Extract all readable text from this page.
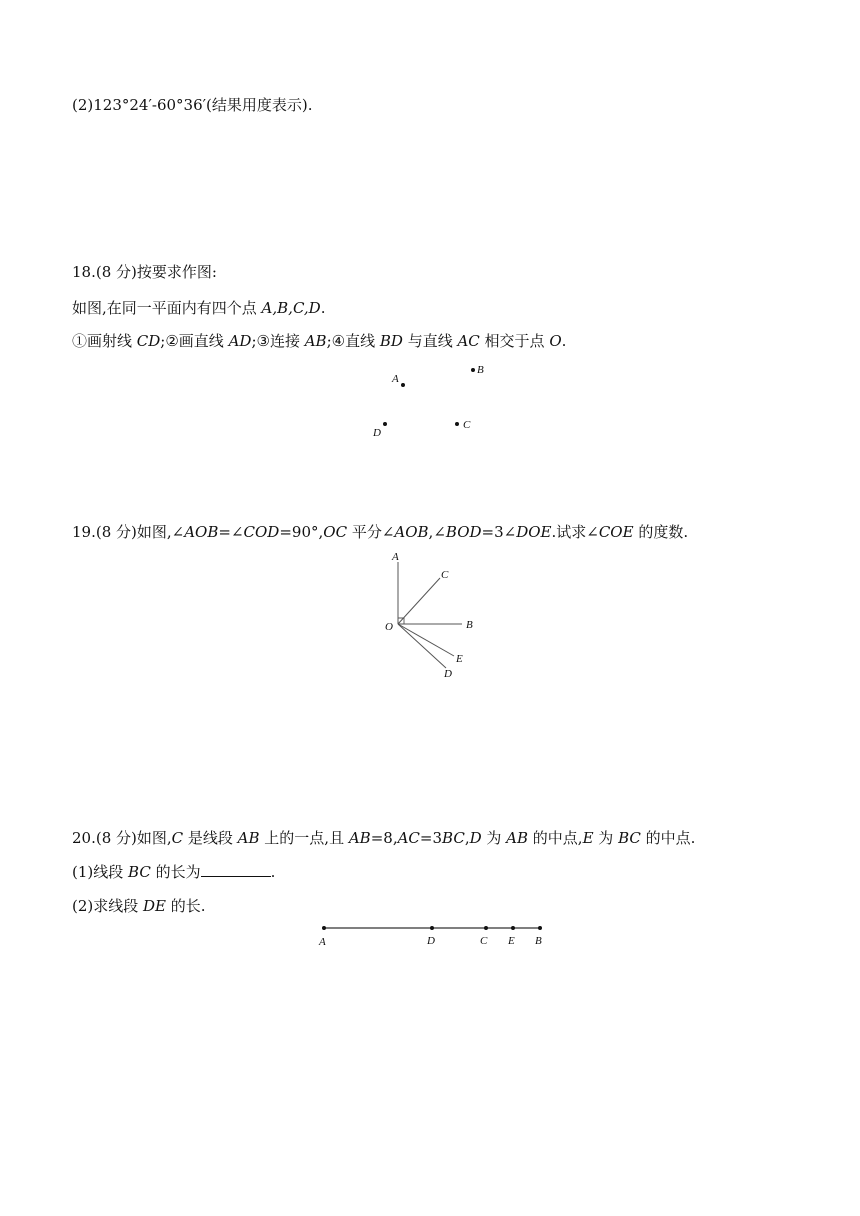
(2)123°24′-60°36′(结果用度表示).
18.(8 分)按要求作图:
如图,在同一平面内有四个点 A,B,C,D.
①画射线 CD;②画直线 AD;③连接 AB;④直线 BD 与直线 AC 相交于点 O.
A
B
C
D
19.(8 分)如图,∠AOB=∠COD=90°,OC 平分∠AOB,∠BOD=3∠DOE.试求∠COE 的度数.
A
C
O	B
E
D
20.(8 分)如图,C 是线段 AB 上的一点,且 AB=8,AC=3BC,D 为 AB 的中点,E 为 BC 的中点.
(1)线段 BC 的长为	.
(2)求线段 DE 的长.
A	D	C E B
